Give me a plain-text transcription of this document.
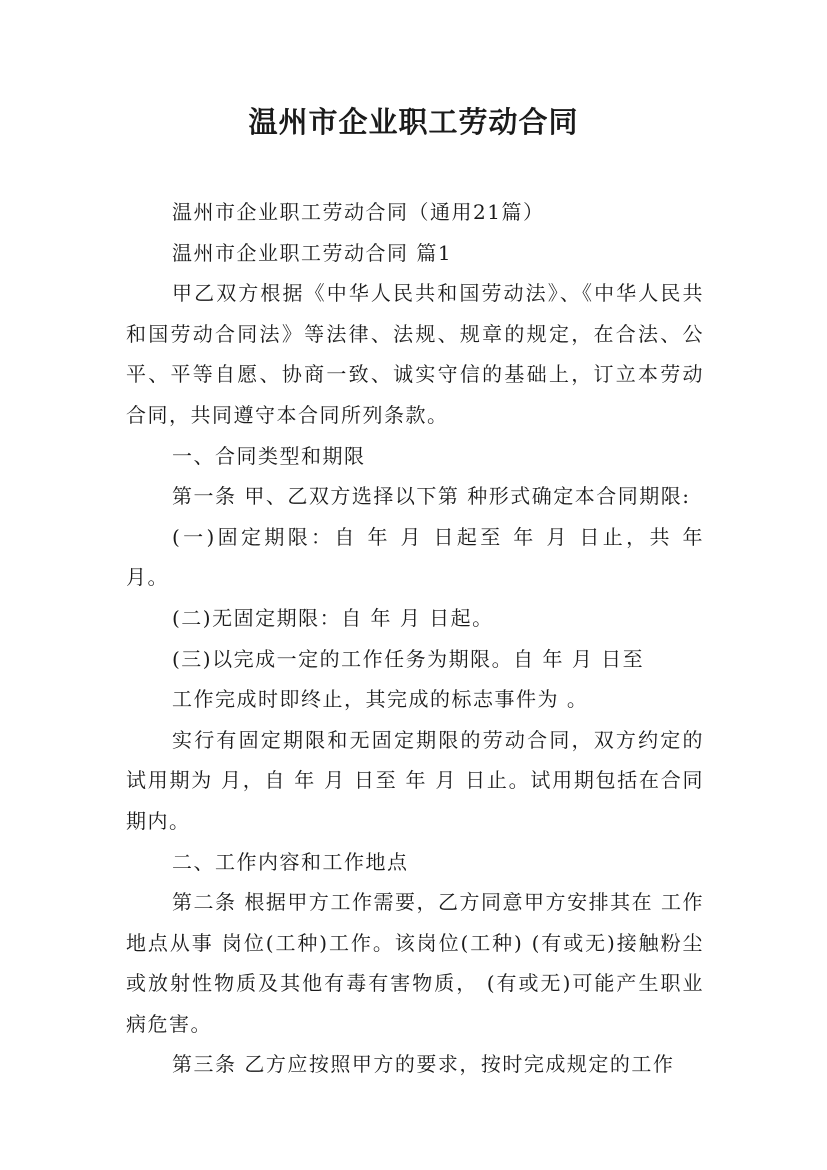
温州市企业职工劳动合同

温州市企业职工劳动合同（通用21篇）

温州市企业职工劳动合同 篇1

甲乙双方根据《中华人民共和国劳动法》、《中华人民共和国劳动合同法》等法律、法规、规章的规定，在合法、公平、平等自愿、协商一致、诚实守信的基础上，订立本劳动合同，共同遵守本合同所列条款。

一、合同类型和期限

第一条 甲、乙双方选择以下第 种形式确定本合同期限:

(一)固定期限：自 年 月 日起至 年 月 日止，共 年 月。

(二)无固定期限：自 年 月 日起。

(三)以完成一定的工作任务为期限。自 年 月 日至

工作完成时即终止，其完成的标志事件为 。

实行有固定期限和无固定期限的劳动合同，双方约定的试用期为 月，自 年 月 日至 年 月 日止。试用期包括在合同期内。

二、工作内容和工作地点

第二条 根据甲方工作需要，乙方同意甲方安排其在 工作地点从事 岗位(工种)工作。该岗位(工种) (有或无)接触粉尘或放射性物质及其他有毒有害物质， (有或无)可能产生职业病危害。

第三条 乙方应按照甲方的要求，按时完成规定的工作
